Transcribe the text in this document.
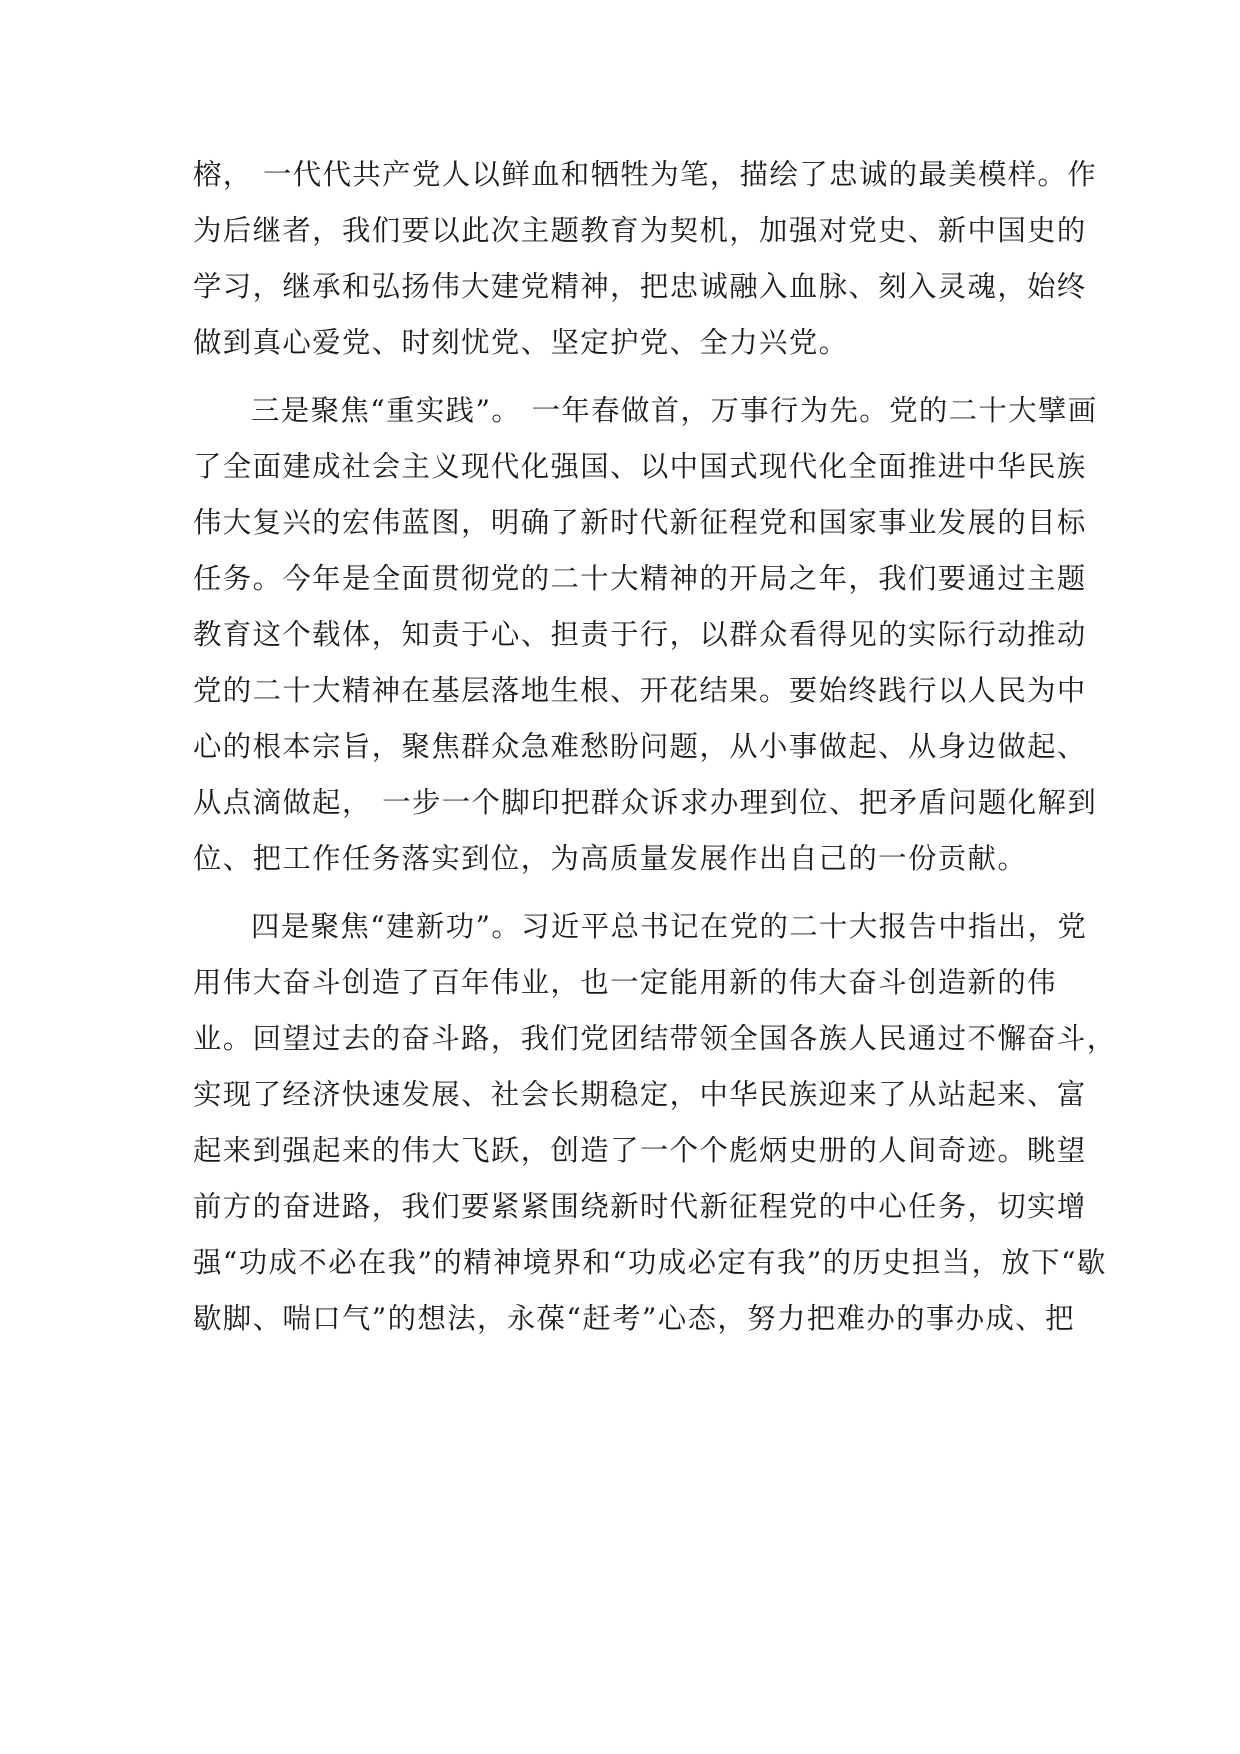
榕， 一代代共产党人以鲜血和牺牲为笔，描绘了忠诚的最美模样。作
为后继者，我们要以此次主题教育为契机，加强对党史、新中国史的
学习，继承和弘扬伟大建党精神，把忠诚融入血脉、刻入灵魂，始终
做到真心爱党、时刻忧党、坚定护党、全力兴党。

三是聚焦“重实践”。 一年春做首，万事行为先。党的二十大擘画
了全面建成社会主义现代化强国、以中国式现代化全面推进中华民族
伟大复兴的宏伟蓝图，明确了新时代新征程党和国家事业发展的目标
任务。今年是全面贯彻党的二十大精神的开局之年，我们要通过主题
教育这个载体，知责于心、担责于行，以群众看得见的实际行动推动
党的二十大精神在基层落地生根、开花结果。要始终践行以人民为中
心的根本宗旨，聚焦群众急难愁盼问题，从小事做起、从身边做起、
从点滴做起， 一步一个脚印把群众诉求办理到位、把矛盾问题化解到
位、把工作任务落实到位，为高质量发展作出自己的一份贡献。

四是聚焦“建新功”。习近平总书记在党的二十大报告中指出，党
用伟大奋斗创造了百年伟业，也一定能用新的伟大奋斗创造新的伟
业。回望过去的奋斗路，我们党团结带领全国各族人民通过不懈奋斗，
实现了经济快速发展、社会长期稳定，中华民族迎来了从站起来、富
起来到强起来的伟大飞跃，创造了一个个彪炳史册的人间奇迹。眺望
前方的奋进路，我们要紧紧围绕新时代新征程党的中心任务，切实增
强“功成不必在我”的精神境界和“功成必定有我”的历史担当，放下“歇
歇脚、喘口气”的想法，永葆“赶考”心态，努力把难办的事办成、把
